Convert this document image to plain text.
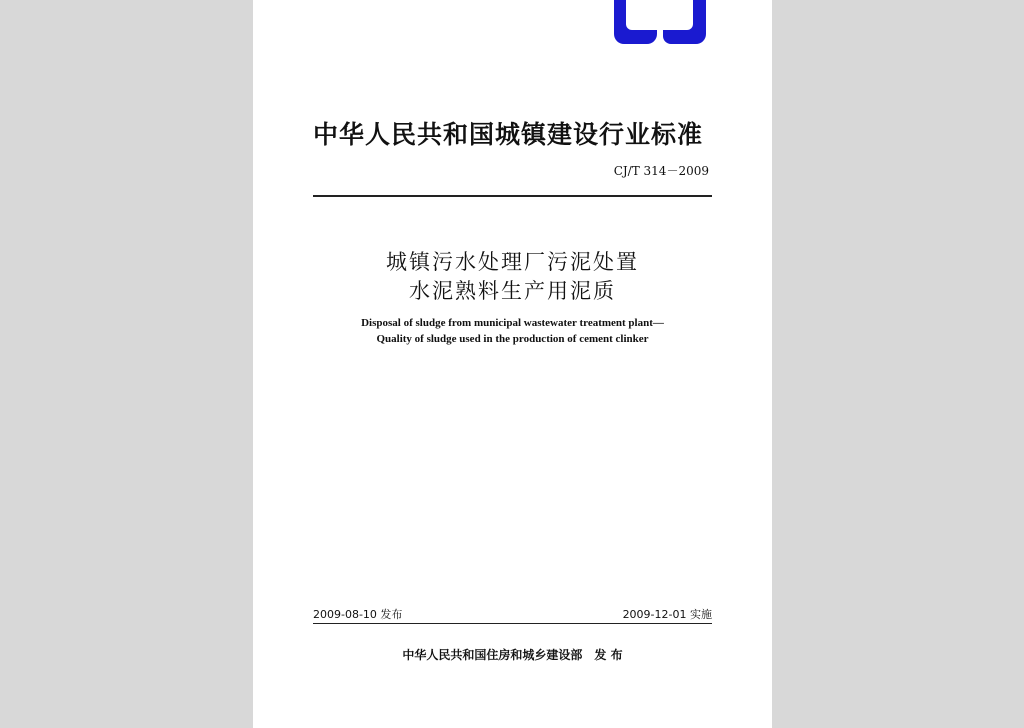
中华人民共和国城镇建设行业标准
CJ/T 314－2009
城镇污水处理厂污泥处置
水泥熟料生产用泥质
Disposal of sludge from municipal wastewater treatment plant—
Quality of sludge used in the production of cement clinker
2009-08-10 发布	2009-12-01 实施
中华人民共和国住房和城乡建设部　发 布
